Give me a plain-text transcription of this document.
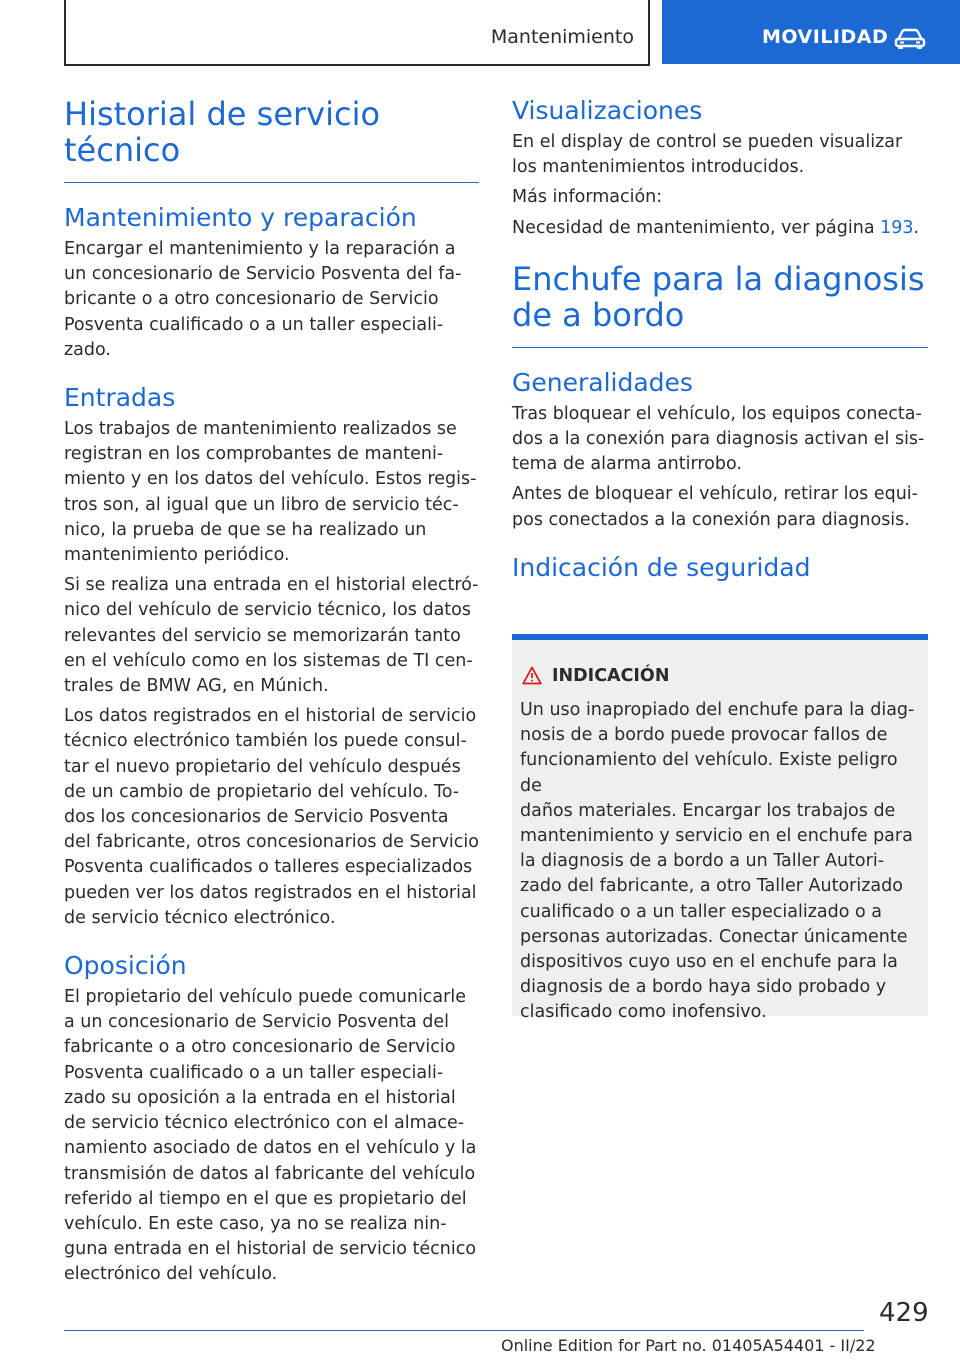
Mantenimiento	MOVILIDAD
Historial de servicio técnico
Mantenimiento y reparación

Encargar el mantenimiento y la reparación a
un concesionario de Servicio Posventa del fa-
bricante o a otro concesionario de Servicio
Posventa cualificado o a un taller especiali-
zado.

Entradas

Los trabajos de mantenimiento realizados se
registran en los comprobantes de manteni-
miento y en los datos del vehículo. Estos regis-
tros son, al igual que un libro de servicio téc-
nico, la prueba de que se ha realizado un
mantenimiento periódico.

Si se realiza una entrada en el historial electró-
nico del vehículo de servicio técnico, los datos
relevantes del servicio se memorizarán tanto
en el vehículo como en los sistemas de TI cen-
trales de BMW AG, en Múnich.

Los datos registrados en el historial de servicio
técnico electrónico también los puede consul-
tar el nuevo propietario del vehículo después
de un cambio de propietario del vehículo. To-
dos los concesionarios de Servicio Posventa
del fabricante, otros concesionarios de Servicio
Posventa cualificados o talleres especializados
pueden ver los datos registrados en el historial
de servicio técnico electrónico.

Oposición

El propietario del vehículo puede comunicarle
a un concesionario de Servicio Posventa del
fabricante o a otro concesionario de Servicio
Posventa cualificado o a un taller especiali-
zado su oposición a la entrada en el historial
de servicio técnico electrónico con el almace-
namiento asociado de datos en el vehículo y la
transmisión de datos al fabricante del vehículo
referido al tiempo en el que es propietario del
vehículo. En este caso, ya no se realiza nin-
guna entrada en el historial de servicio técnico
electrónico del vehículo.

Visualizaciones

En el display de control se pueden visualizar
los mantenimientos introducidos.

Más información:

Necesidad de mantenimiento, ver página 193.

Enchufe para la diagnosis
de a bordo
Generalidades

Tras bloquear el vehículo, los equipos conecta-
dos a la conexión para diagnosis activan el sis-
tema de alarma antirrobo.

Antes de bloquear el vehículo, retirar los equi-
pos conectados a la conexión para diagnosis.

Indicación de seguridad
INDICACIÓN

Un uso inapropiado del enchufe para la diag-
nosis de a bordo puede provocar fallos de
funcionamiento del vehículo. Existe peligro de
daños materiales. Encargar los trabajos de
mantenimiento y servicio en el enchufe para
la diagnosis de a bordo a un Taller Autori-
zado del fabricante, a otro Taller Autorizado
cualificado o a un taller especializado o a
personas autorizadas. Conectar únicamente
dispositivos cuyo uso en el enchufe para la
diagnosis de a bordo haya sido probado y
clasificado como inofensivo.

429
Online Edition for Part no. 01405A54401 - II/22
